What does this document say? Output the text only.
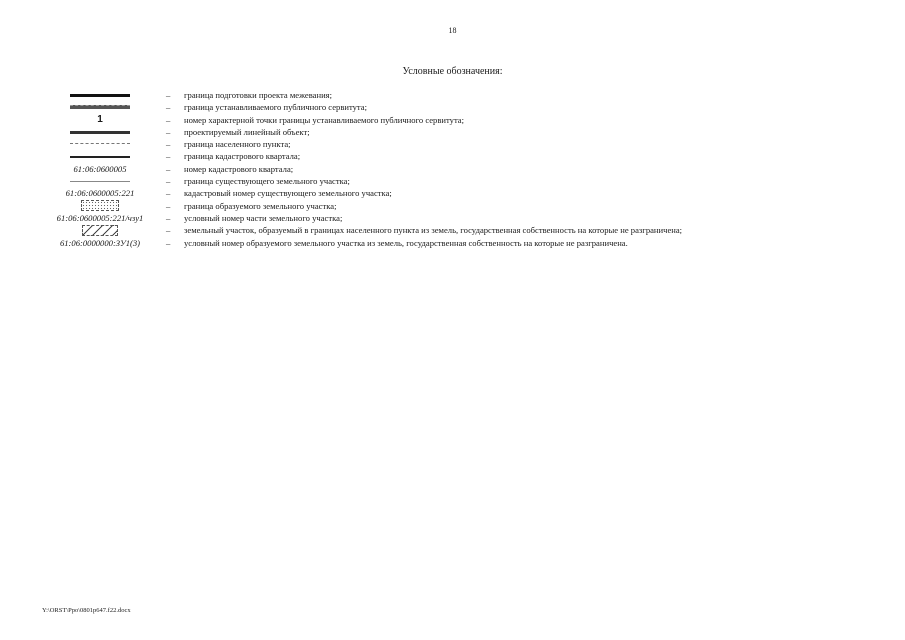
18
Условные обозначения:
–	граница подготовки проекта межевания;
–	граница устанавливаемого публичного сервитута;
1	–	номер характерной точки границы устанавливаемого публичного сервитута;
–	проектируемый линейный объект;
–	граница населенного пункта;
–	граница кадастрового квартала;
61:06:0600005	–	номер кадастрового квартала;
–	граница существующего земельного участка;
61:06:0600005:221	–	кадастровый номер существующего земельного участка;
–	граница образуемого земельного участка;
61:06:0600005:221/чзу1	–	условный номер части земельного участка;
–	земельный участок, образуемый в границах населенного пункта из земель, государственная собственность на которые не разграничена;
61:06:0000000:ЗУ1(3)	–	условный номер образуемого земельного участка из земель, государственная собственность на которые не разграничена.
Y:\ORST\Ppo\0801p647.f22.docx
